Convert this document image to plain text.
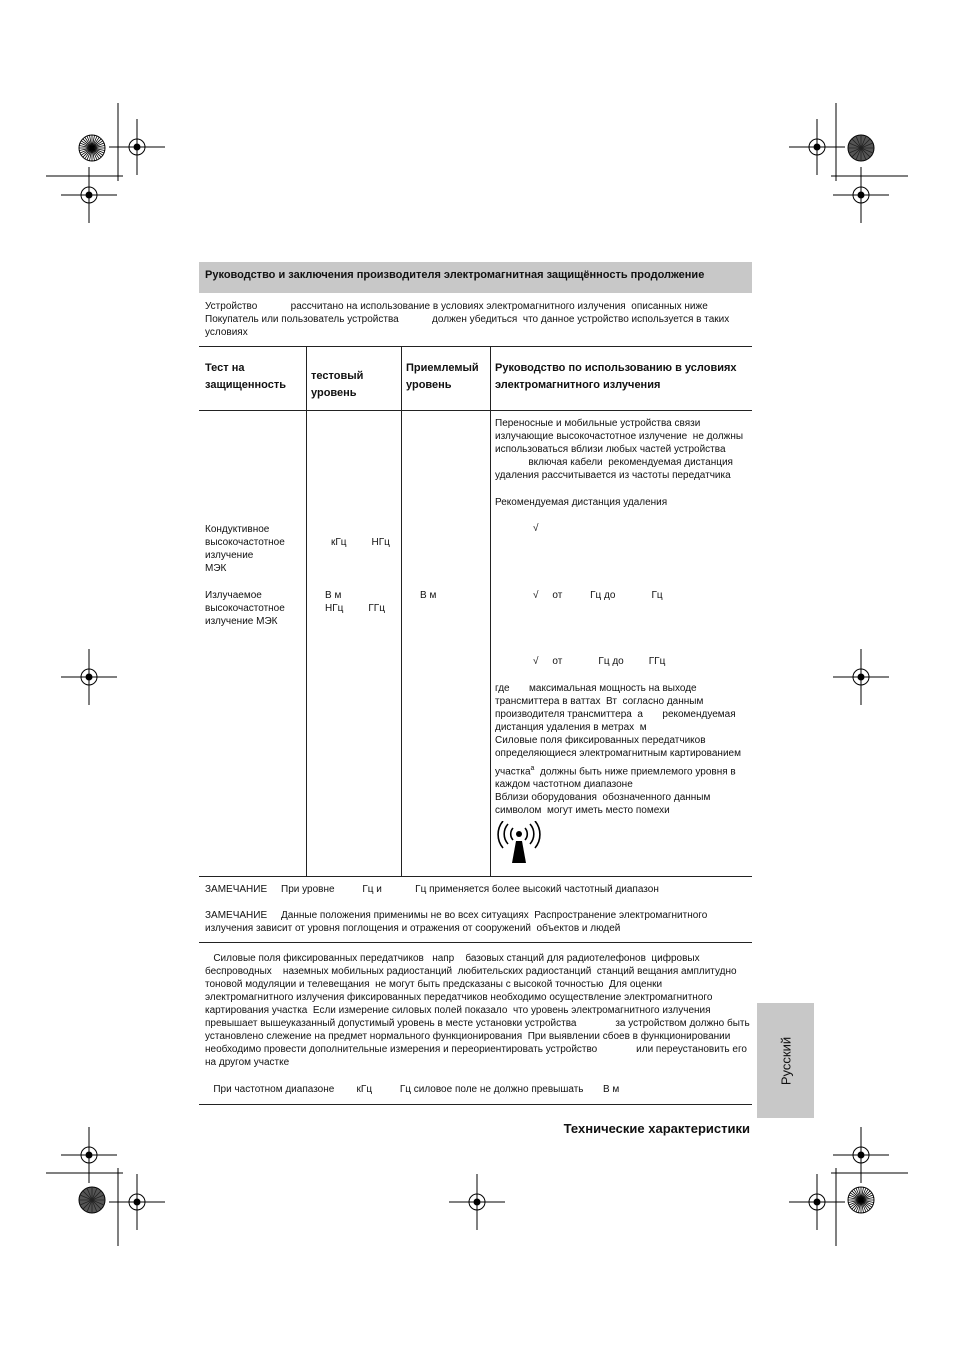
Руководство и заключения производителя электромагнитная защищённость продолжение
Устройство            рассчитано на использование в условиях электромагнитного излучения  описанных ниже
Покупатель или пользователь устройства            должен убедиться  что данное устройство используется в таких
условиях
Тест на
защищенность
тестовый
уровень
Приемлемый
уровень
Руководство по использованию в условиях
электромагнитного излучения
Кондуктивное
высокочастотное
излучение
МЭК
Излучаемое
высокочастотное
излучение МЭК
кГц         НГц
В м
НГц         ГГц
В м
Переносные и мобильные устройства связи
излучающие высокочастотное излучение  не должны
использоваться вблизи любых частей устройства
включая кабели  рекомендуемая дистанция
удаления рассчитывается из частоты передатчика
Рекомендуемая дистанция удаления
√
√     от          Гц до             Гц
√     от             Гц до         ГГц
где       максимальная мощность на выходе
трансмиттера в ваттах  Вт  согласно данным
производителя трансмиттера  а       рекомендуемая
дистанция удаления в метрах  м
Силовые поля фиксированных передатчиков
определяющиеся электромагнитным картированием
участка$^a$  должны быть ниже приемлемого уровня в
каждом частотном диапазоне
Вблизи оборудования  обозначенного данным
символом  могут иметь место помехи
ЗАМЕЧАНИЕ     При уровне          Гц и            Гц применяется более высокий частотный диапазон
ЗАМЕЧАНИЕ     Данные положения применимы не во всех ситуациях  Распространение электромагнитного
излучения зависит от уровня поглощения и отражения от сооружений  объектов и людей
Силовые поля фиксированных передатчиков   напр    базовых станций для радиотелефонов  цифровых
беспроводных    наземных мобильных радиостанций  любительских радиостанций  станций вещания амплитудно
тоновой модуляции и телевещания  не могут быть предсказаны с высокой точностью  Для оценки
электромагнитного излучения фиксированных передатчиков необходимо осуществление электромагнитного
картирования участка  Если измерение силовых полей показало  что уровень электромагнитного излучения
превышает вышеуказанный допустимый уровень в месте установки устройства              за устройством должно быть
установлено слежение на предмет нормального функционирования  При выявлении сбоев в функционировании
необходимо провести дополнительные измерения и переориентировать устройство              или переустановить его
на другом участке
При частотном диапазоне        кГц          Гц силовое поле не должно превышать       В м
Русский
Технические характеристики
